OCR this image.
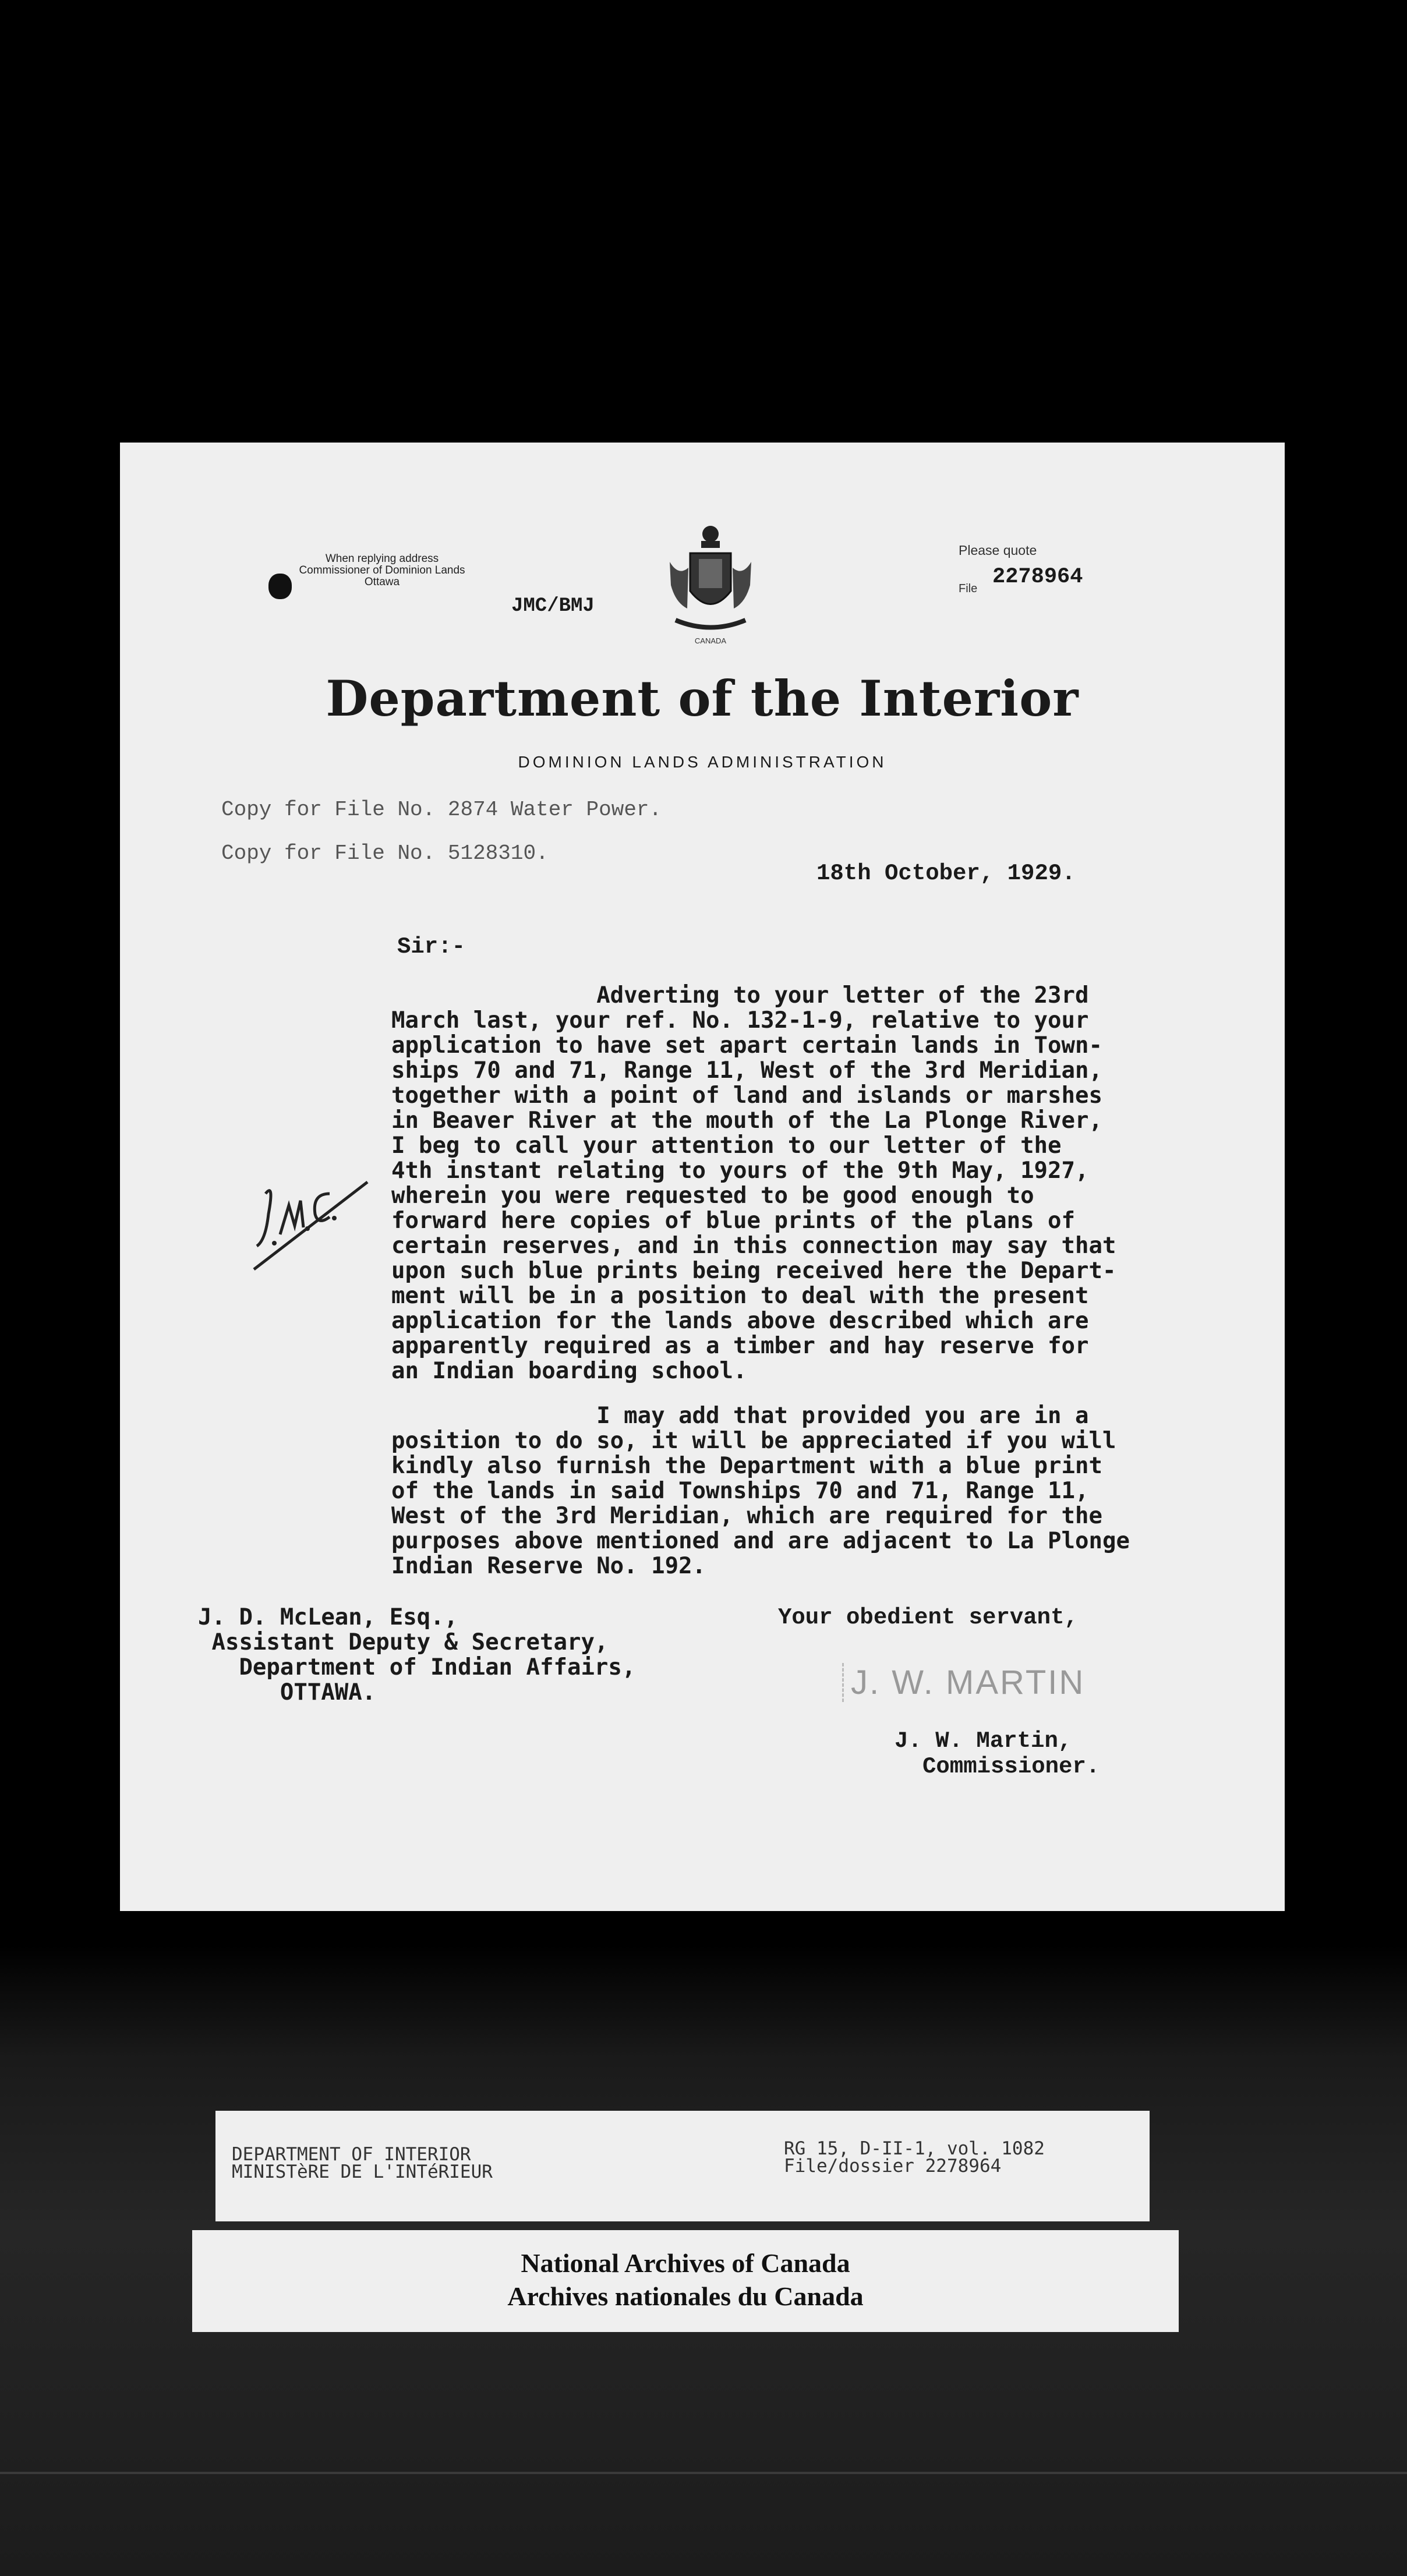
When replying address
Commissioner of Dominion Lands
Ottawa
JMC/BMJ
CANADA
Please quote
File 2278964
Department of the Interior
DOMINION LANDS ADMINISTRATION
Copy for File No. 2874 Water Power.
Copy for File No. 5128310.
18th October, 1929.
Sir:-
Adverting to your letter of the 23rd
March last, your ref. No. 132-1-9, relative to your
application to have set apart certain lands in Town-
ships 70 and 71, Range 11, West of the 3rd Meridian,
together with a point of land and islands or marshes
in Beaver River at the mouth of the La Plonge River,
I beg to call your attention to our letter of the
4th instant relating to yours of the 9th May, 1927,
wherein you were requested to be good enough to
forward here copies of blue prints of the plans of
certain reserves, and in this connection may say that
upon such blue prints being received here the Depart-
ment will be in a position to deal with the present
application for the lands above described which are
apparently required as a timber and hay reserve for
an Indian boarding school.
I may add that provided you are in a
position to do so, it will be appreciated if you will
kindly also furnish the Department with a blue print
of the lands in said Townships 70 and 71, Range 11,
West of the 3rd Meridian, which are required for the
purposes above mentioned and are adjacent to La Plonge
Indian Reserve No. 192.
J. D. McLean, Esq.,
Assistant Deputy & Secretary,
Department of Indian Affairs,
OTTAWA.
Your obedient servant,
J. W. MARTIN
J. W. Martin,
Commissioner.
DEPARTMENT OF INTERIOR
MINISTèRE DE L'INTéRIEUR
RG 15, D-II-1, vol. 1082
File/dossier 2278964
National Archives of Canada
Archives nationales du Canada
